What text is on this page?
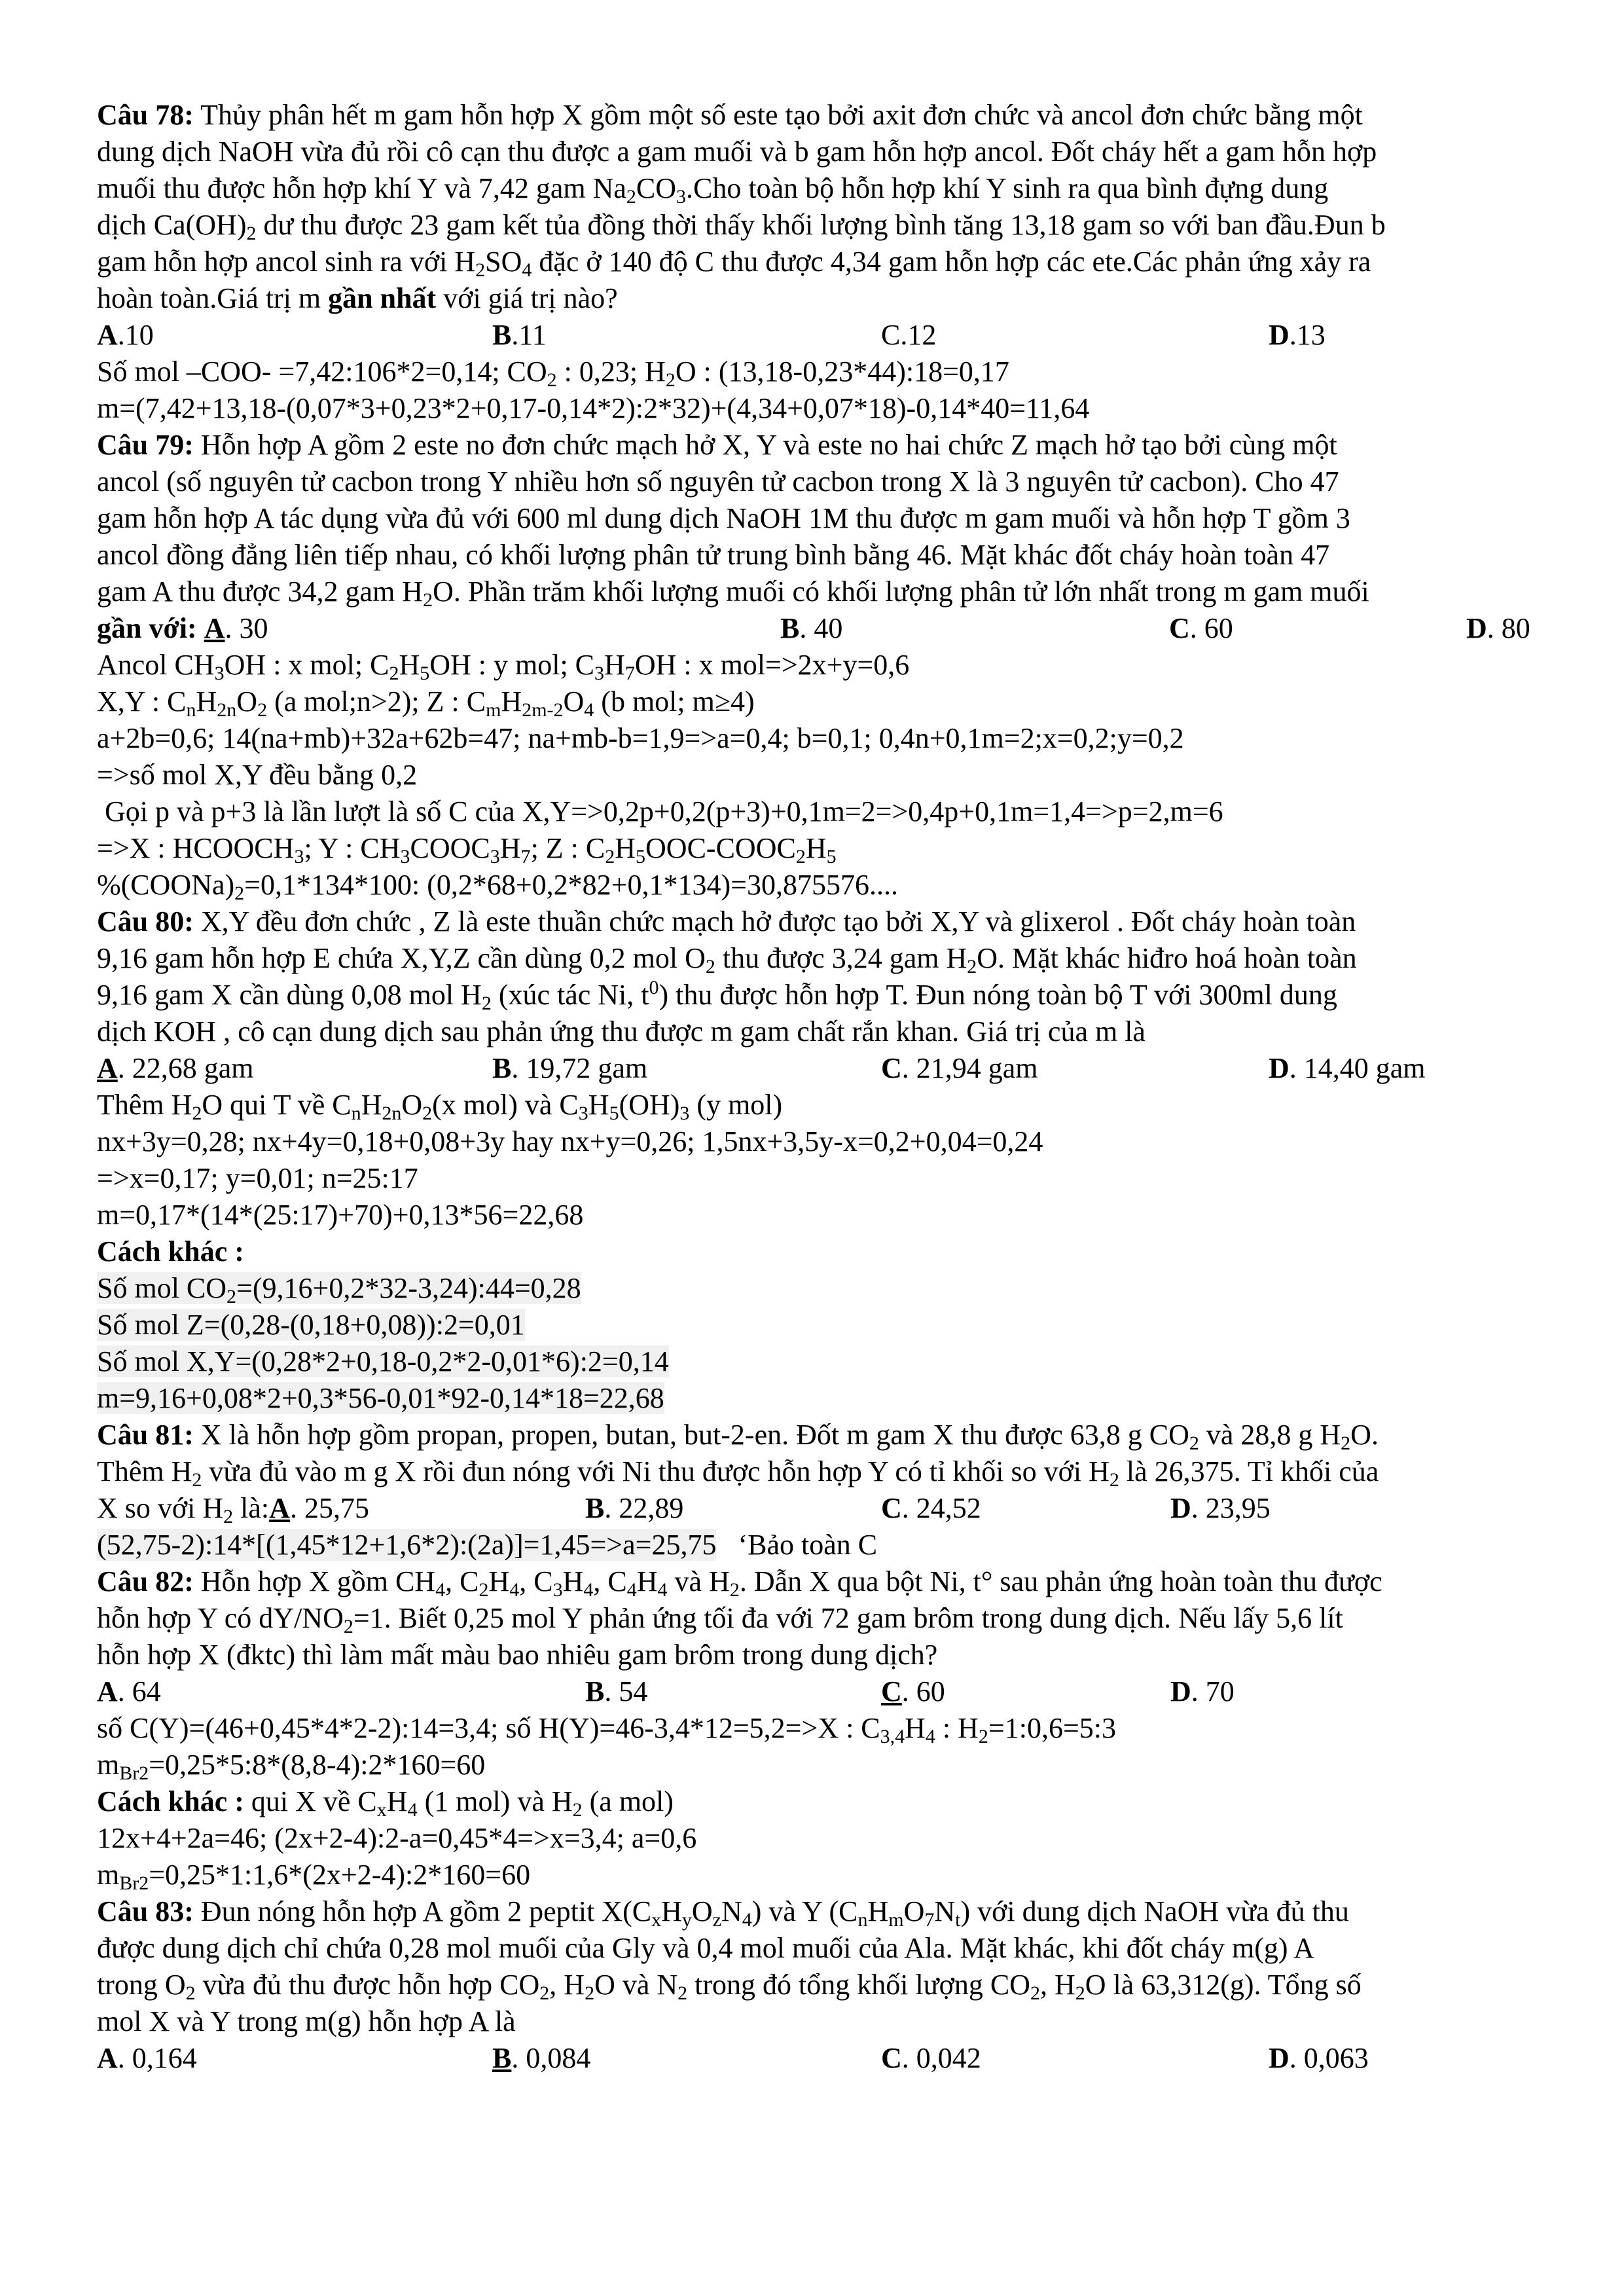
Câu 78: Thủy phân hết m gam hỗn hợp X gồm một số este tạo bởi axit đơn chức và ancol đơn chức bằng một
dung dịch NaOH vừa đủ rồi cô cạn thu được a gam muối và b gam hỗn hợp ancol. Đốt cháy hết a gam hỗn hợp
muối thu được hỗn hợp khí Y và 7,42 gam $Na_2CO_3.Cho$ toàn bộ hỗn hợp khí Y sinh ra qua bình đựng dung
dịch $Ca(OH)_2$ dư thu được 23 gam kết tủa đồng thời thấy khối lượng bình tăng 13,18 gam so với ban đầu.Đun b
gam hỗn hợp ancol sinh ra với $H_2SO_4$ đặc ở 140 độ C thu được 4,34 gam hỗn hợp các ete.Các phản ứng xảy ra
hoàn toàn.Giá trị m gần nhất với giá trị nào?
A.10	B.11	C.12	D.13
Số mol –COO- =7,42:106*2=0,14; $CO_2$ : 0,23; $H_2O$ : (13,18-0,23*44):18=0,17
m=(7,42+13,18-(0,07*3+0,23*2+0,17-0,14*2):2*32)+(4,34+0,07*18)-0,14*40=11,64
Câu 79: Hỗn hợp A gồm 2 este no đơn chức mạch hở X, Y và este no hai chức Z mạch hở tạo bởi cùng một
ancol (số nguyên tử cacbon trong Y nhiều hơn số nguyên tử cacbon trong X là 3 nguyên tử cacbon). Cho 47
gam hỗn hợp A tác dụng vừa đủ với 600 ml dung dịch NaOH 1M thu được m gam muối và hỗn hợp T gồm 3
ancol đồng đẳng liên tiếp nhau, có khối lượng phân tử trung bình bằng 46. Mặt khác đốt cháy hoàn toàn 47
gam A thu được 34,2 gam $H_2O$. Phần trăm khối lượng muối có khối lượng phân tử lớn nhất trong m gam muối
gần với: A. 30	B. 40	C. 60	D. 80
Ancol $CH_3OH$ : x mol; $C_2H_5OH$ : y mol; $C_3H_7OH$ : x mol=>2x+y=0,6
X,Y : $C_nH_{2n}O_2$ (a mol;n>2); Z : $C_mH_{2m-2}O_4$ (b mol; m≥4)
a+2b=0,6; 14(na+mb)+32a+62b=47; na+mb-b=1,9=>a=0,4; b=0,1; 0,4n+0,1m=2;x=0,2;y=0,2
=>số mol X,Y đều bằng 0,2
Gọi p và p+3 là lần lượt là số C của X,Y=>0,2p+0,2(p+3)+0,1m=2=>0,4p+0,1m=1,4=>p=2,m=6
=>X : $HCOOCH_3$; Y : $CH_3COOC_3H_7$; Z : $C_2H_5OOC-COOC_2H_5$
$\%(COONa)_2=0,1*134*100$: (0,2*68+0,2*82+0,1*134)=30,875576....
Câu 80: X,Y đều đơn chức , Z là este thuần chức mạch hở được tạo bởi X,Y và glixerol . Đốt cháy hoàn toàn
9,16 gam hỗn hợp E chứa X,Y,Z cần dùng 0,2 mol $O_2$ thu được 3,24 gam $H_2O$. Mặt khác hiđro hoá hoàn toàn
9,16 gam X cần dùng 0,08 mol $H_2$ (xúc tác Ni, $t^0$) thu được hỗn hợp T. Đun nóng toàn bộ T với 300ml dung
dịch KOH , cô cạn dung dịch sau phản ứng thu được m gam chất rắn khan. Giá trị của m là
A. 22,68 gam	B. 19,72 gam	C. 21,94 gam	D. 14,40 gam
Thêm $H_2O$ qui T về $C_nH_{2n}O_2(x$ mol) và $C_3H_5(OH)_3$ (y mol)
nx+3y=0,28; nx+4y=0,18+0,08+3y hay nx+y=0,26; 1,5nx+3,5y-x=0,2+0,04=0,24
=>x=0,17; y=0,01; n=25:17
m=0,17*(14*(25:17)+70)+0,13*56=22,68
Cách khác :
Số mol $CO_2=(9,16+0,2*32-3,24):44=0,28$
Số mol Z=(0,28-(0,18+0,08)):2=0,01
Số mol X,Y=(0,28*2+0,18-0,2*2-0,01*6):2=0,14
m=9,16+0,08*2+0,3*56-0,01*92-0,14*18=22,68
Câu 81: X là hỗn hợp gồm propan, propen, butan, but-2-en. Đốt m gam X thu được 63,8 g $CO_2$ và 28,8 g $H_2O$.
Thêm $H_2$ vừa đủ vào m g X rồi đun nóng với Ni thu được hỗn hợp Y có tỉ khối so với $H_2$ là 26,375. Tỉ khối của
X so với $H_2$ là:A. 25,75	B. 22,89	C. 24,52	D. 23,95
(52,75-2):14*[(1,45*12+1,6*2):(2a)]=1,45=>a=25,75 ‘Bảo toàn C
Câu 82: Hỗn hợp X gồm $CH_4$, $C_2H_4$, $C_3H_4$, $C_4H_4$ và $H_2$. Dẫn X qua bột Ni, t° sau phản ứng hoàn toàn thu được
hỗn hợp Y có $dY/NO_2=1$. Biết 0,25 mol Y phản ứng tối đa với 72 gam brôm trong dung dịch. Nếu lấy 5,6 lít
hỗn hợp X (đktc) thì làm mất màu bao nhiêu gam brôm trong dung dịch?
A. 64	B. 54	C. 60	D. 70
số C(Y)=(46+0,45*4*2-2):14=3,4; số H(Y)=46-3,4*12=5,2=>X : $C_{3,4}H_4$ : $H_2=1:0,6=5:3$
$m_{Br2}=0,25*5:8*(8,8-4):2*160=60$
Cách khác : qui X về $C_xH_4$ (1 mol) và $H_2$ (a mol)
12x+4+2a=46; (2x+2-4):2-a=0,45*4=>x=3,4; a=0,6
$m_{Br2}=0,25*1:1,6*(2x+2-4):2*160=60$
Câu 83: Đun nóng hỗn hợp A gồm 2 peptit $X(C_xH_yO_zN_4)$ và Y $(C_nH_mO_7N_t)$ với dung dịch NaOH vừa đủ thu
được dung dịch chỉ chứa 0,28 mol muối của Gly và 0,4 mol muối của Ala. Mặt khác, khi đốt cháy m(g) A
trong $O_2$ vừa đủ thu được hỗn hợp $CO_2$, $H_2O$ và $N_2$ trong đó tổng khối lượng $CO_2$, $H_2O$ là 63,312(g). Tổng số
mol X và Y trong m(g) hỗn hợp A là
A. 0,164	B. 0,084	C. 0,042	D. 0,063
